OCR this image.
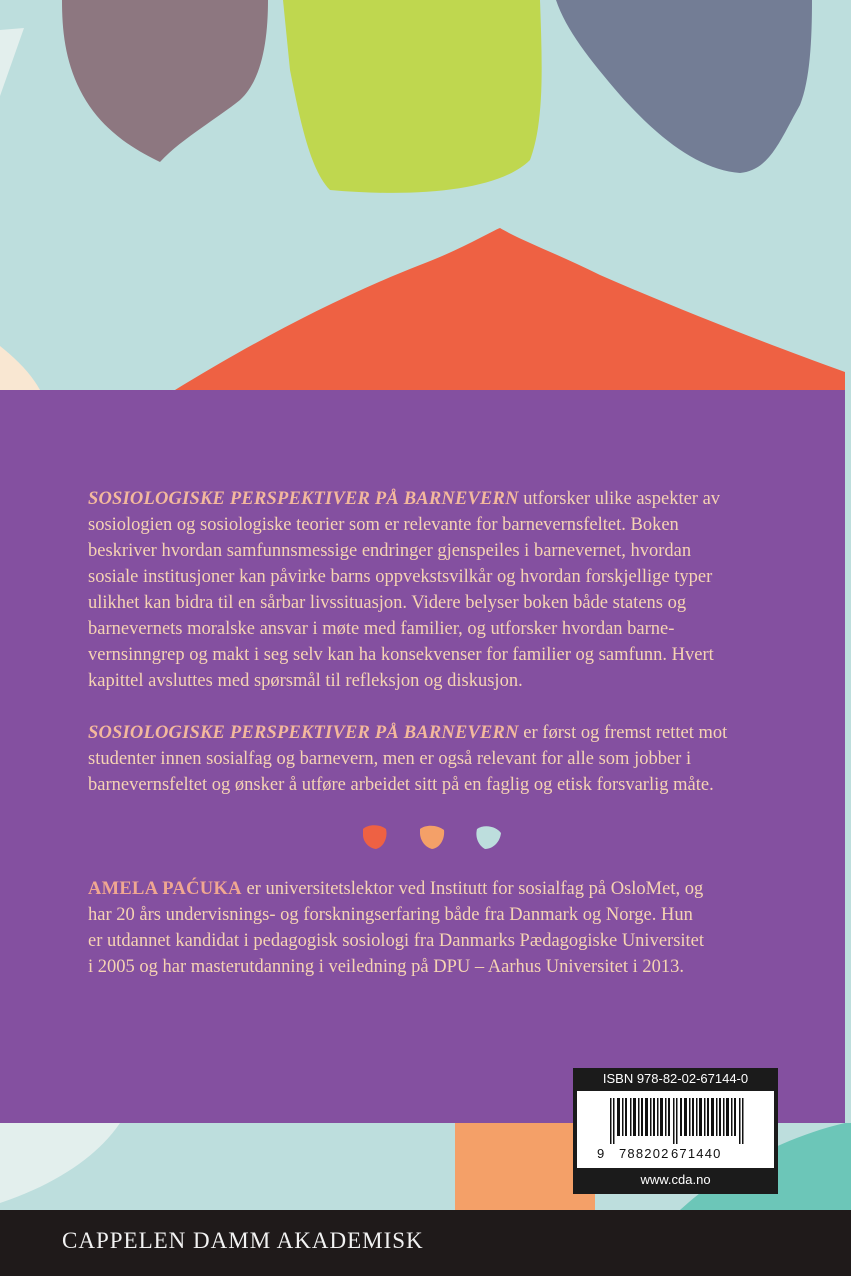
SOSIOLOGISKE PERSPEKTIVER PÅ BARNEVERN utforsker ulike aspekter av
sosiologien og sosiologiske teorier som er relevante for barnevernsfeltet. Boken
beskriver hvordan samfunnsmessige endringer gjenspeiles i barnevernet, hvordan
sosiale institusjoner kan påvirke barns oppvekstsvilkår og hvordan forskjellige typer
ulikhet kan bidra til en sårbar livssituasjon. Videre belyser boken både statens og
barnevernets moralske ansvar i møte med familier, og utforsker hvordan barne-
vernsinngrep og makt i seg selv kan ha konsekvenser for familier og samfunn. Hvert
kapittel avsluttes med spørsmål til refleksjon og diskusjon.

SOSIOLOGISKE PERSPEKTIVER PÅ BARNEVERN er først og fremst rettet mot
studenter innen sosialfag og barnevern, men er også relevant for alle som jobber i
barnevernsfeltet og ønsker å utføre arbeidet sitt på en faglig og etisk forsvarlig måte.

AMELA PAĆUKA er universitetslektor ved Institutt for sosialfag på OsloMet, og
har 20 års undervisnings- og forskningserfaring både fra Danmark og Norge. Hun
er utdannet kandidat i pedagogisk sosiologi fra Danmarks Pædagogiske Universitet
i 2005 og har masterutdanning i veiledning på DPU – Aarhus Universitet i 2013.

ISBN 978-82-02-67144-0
9 788202 671440
www.cda.no
CAPPELEN DAMM AKADEMISK
